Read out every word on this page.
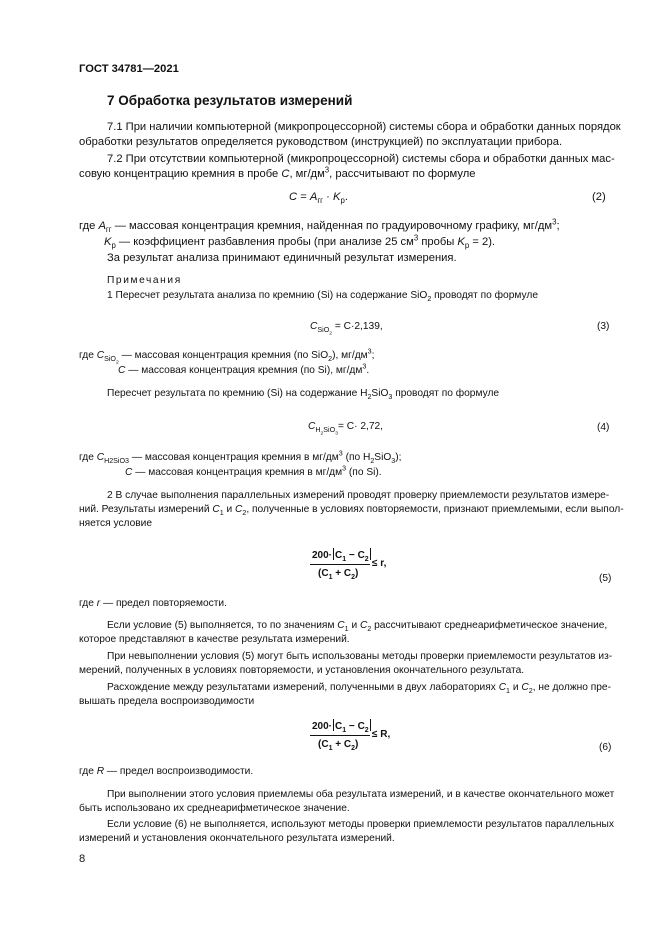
ГОСТ 34781—2021
7 Обработка результатов измерений
7.1 При наличии компьютерной (микропроцессорной) системы сбора и обработки данных порядок
обработки результатов определяется руководством (инструкцией) по эксплуатации прибора.
7.2 При отсутствии компьютерной (микропроцессорной) системы сбора и обработки данных мас-
совую концентрацию кремния в пробе C, $мг/дм^3$, рассчитывают по формуле
$C = A_{гг} \cdot K_р$.	(2)
где $A_{гг}$ — массовая концентрация кремния, найденная по градуировочному графику, $мг/дм^3$;
$K_р$ — коэффициент разбавления пробы (при анализе 25 $см^3$ пробы $K_р = 2$).
За результат анализа принимают единичный результат измерения.
Примечания
1 Пересчет результата анализа по кремнию (Si) на содержание SiO$_2$ проводят по формуле
$C_{SiO_2} = C\cdot 2,139$,	(3)
где $C_{SiO_2}$ — массовая концентрация кремния (по SiO$_2$), $мг/дм^3$;
C — массовая концентрация кремния (по Si), $мг/дм^3$.
Пересчет результата по кремнию (Si) на содержание $H_2SiO_3$ проводят по формуле
$C_{H_2SiO_3}= C\cdot 2,72$,	(4)
где $C_{H2SiO3}$ — массовая концентрация кремния в $мг/дм^3$ (по $H_2SiO_3$);
C — массовая концентрация кремния в $мг/дм^3$ (по Si).
2 В случае выполнения параллельных измерений проводят проверку приемлемости результатов измере-
ний. Результаты измерений $C_1$ и $C_2$, полученные в условиях повторяемости, признают приемлемыми, если выпол-
няется условие
$200\cdot C_1 - C_2$
$(C_1 + C_2)$
≤ r,
(5)
где r — предел повторяемости.
Если условие (5) выполняется, то по значениям $C_1$ и $C_2$ рассчитывают среднеарифметическое значение,
которое представляют в качестве результата измерений.
При невыполнении условия (5) могут быть использованы методы проверки приемлемости результатов из-
мерений, полученных в условиях повторяемости, и установления окончательного результата.
Расхождение между результатами измерений, полученными в двух лабораториях $C_1$ и $C_2$, не должно пре-
вышать предела воспроизводимости
$200\cdot C_1 - C_2$
$(C_1 + C_2)$
≤ R,
(6)
где R — предел воспроизводимости.
При выполнении этого условия приемлемы оба результата измерений, и в качестве окончательного может
быть использовано их среднеарифметическое значение.
Если условие (6) не выполняется, используют методы проверки приемлемости результатов параллельных
измерений и установления окончательного результата измерений.
8
